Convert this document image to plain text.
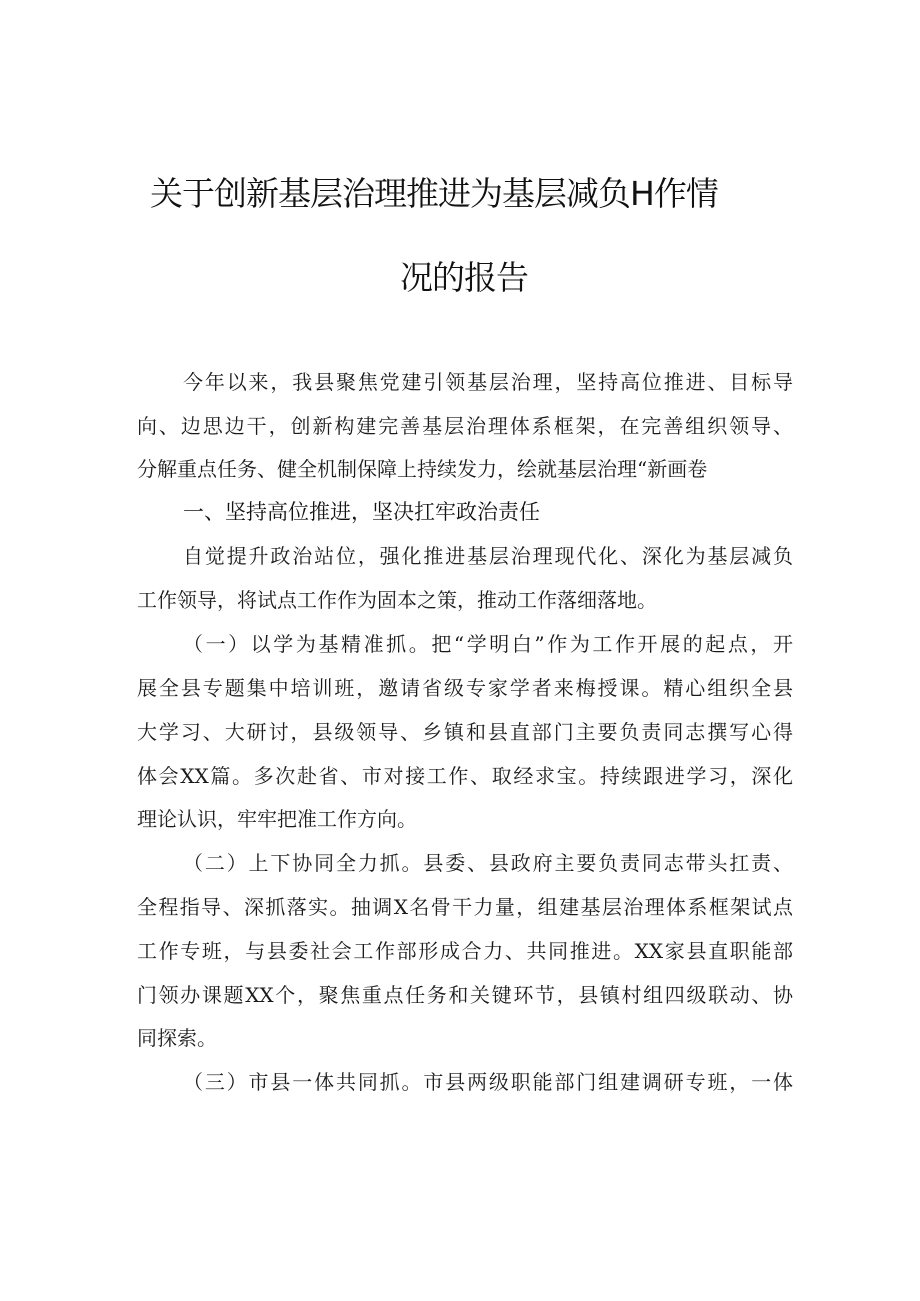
关于创新基层治理推进为基层减负H作情
况的报告
今年以来，我县聚焦党建引领基层治理，坚持高位推进、目标导
向、边思边干，创新构建完善基层治理体系框架，在完善组织领导、
分解重点任务、健全机制保障上持续发力，绘就基层治理“新画卷
一、坚持高位推进，坚决扛牢政治责任
自觉提升政治站位，强化推进基层治理现代化、深化为基层减负
工作领导，将试点工作作为固本之策，推动工作落细落地。
（一）以学为基精准抓。把“学明白”作为工作开展的起点，开
展全县专题集中培训班，邀请省级专家学者来梅授课。精心组织全县
大学习、大研讨，县级领导、乡镇和县直部门主要负责同志撰写心得
体会XX篇。多次赴省、市对接工作、取经求宝。持续跟进学习，深化
理论认识，牢牢把准工作方向。
（二）上下协同全力抓。县委、县政府主要负责同志带头扛责、
全程指导、深抓落实。抽调X名骨干力量，组建基层治理体系框架试点
工作专班，与县委社会工作部形成合力、共同推进。XX家县直职能部
门领办课题XX个，聚焦重点任务和关键环节，县镇村组四级联动、协
同探索。
（三）市县一体共同抓。市县两级职能部门组建调研专班，一体
